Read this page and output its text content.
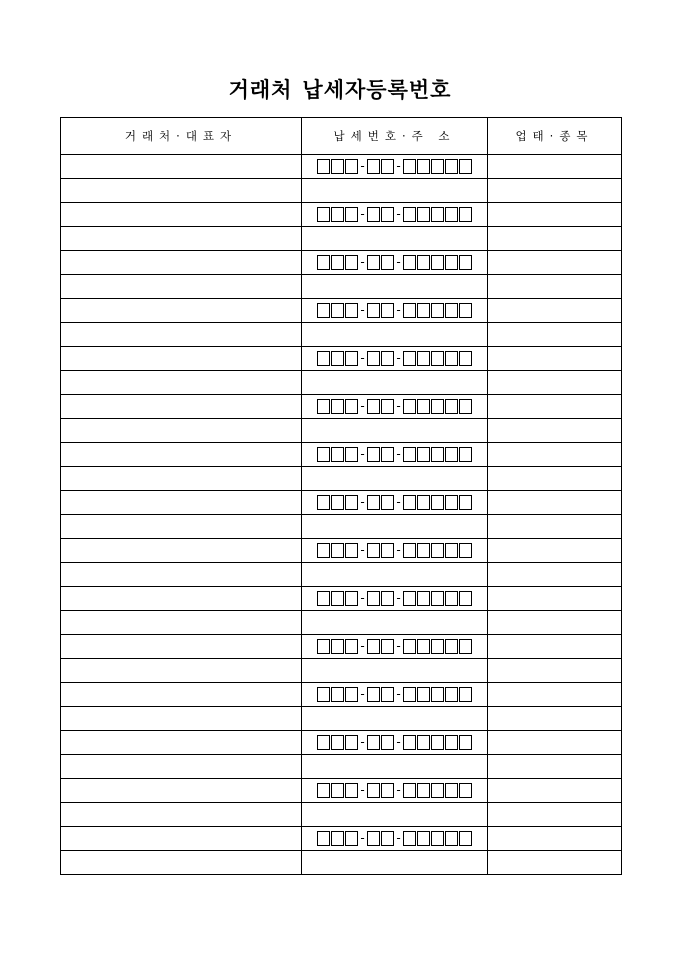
거래처 납세자등록번호
거래처·대표자	납세번호·주 소	업태·종목

	- -	

	- -	

	- -	

	- -	

	- -	

	- -	

	- -	

	- -	

	- -	

	- -	

	- -	

	- -	

	- -	

	- -	

	- -	
